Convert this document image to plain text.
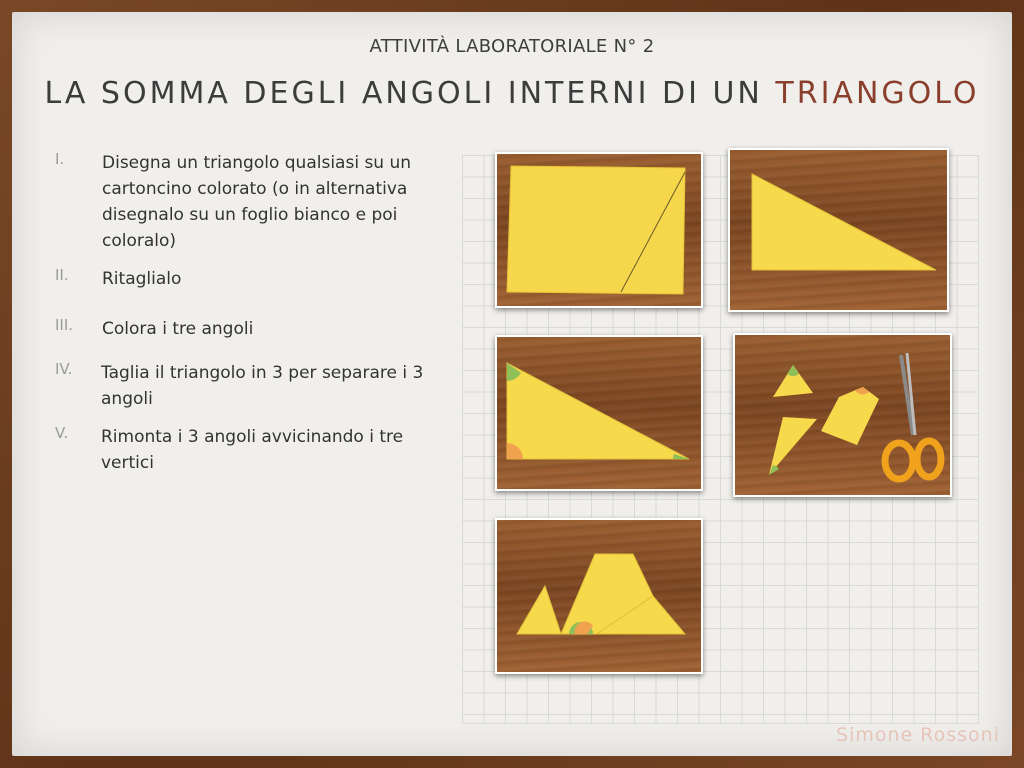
ATTIVITÀ LABORATORIALE N° 2
LA SOMMA DEGLI ANGOLI INTERNI DI UN TRIANGOLO
I. Disegna un triangolo qualsiasi su un cartoncino colorato (o in alternativa disegnalo su un foglio bianco e poi coloralo)
II. Ritaglialo
III. Colora i tre angoli
IV. Taglia il triangolo in 3 per separare i 3 angoli
V. Rimonta i 3 angoli avvicinando i tre vertici
Simone Rossoni
